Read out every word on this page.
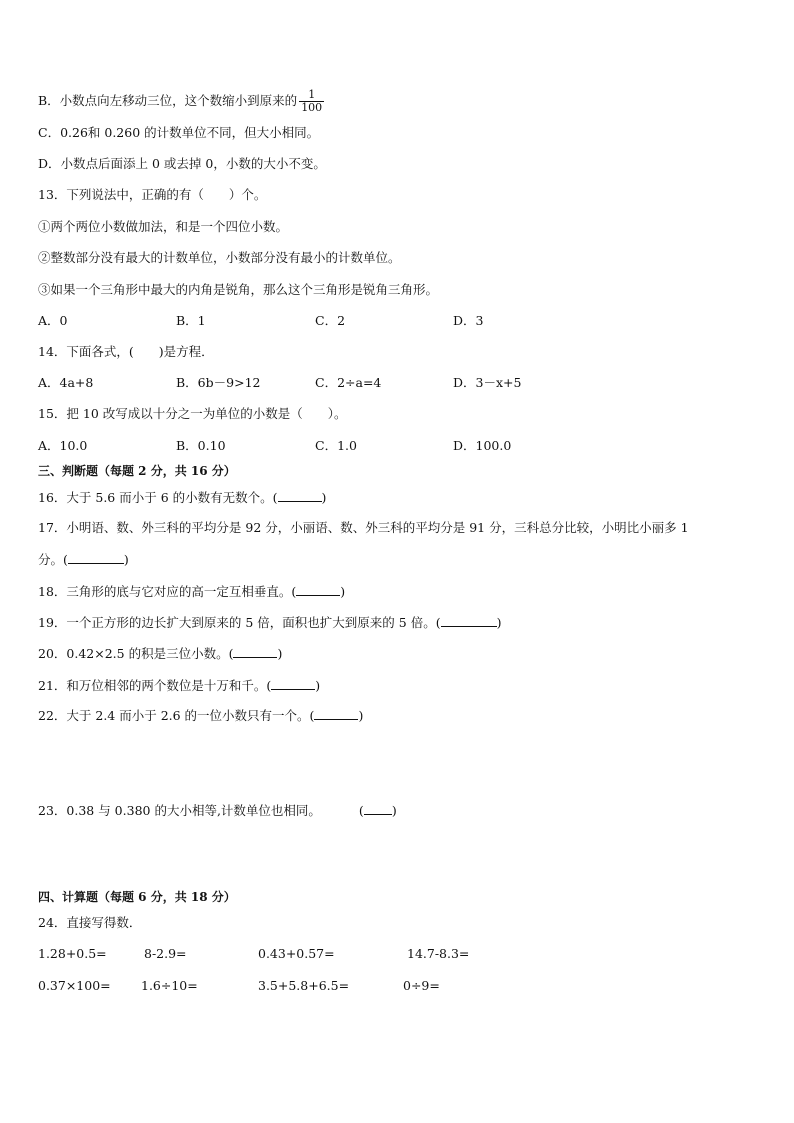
B．小数点向左移动三位，这个数缩小到原来的 $\frac{1}{100}$
C．0.26和 0.260 的计数单位不同，但大小相同。
D．小数点后面添上 0 或去掉 0，小数的大小不变。
13．下列说法中，正确的有（　　）个。
①两个两位小数做加法，和是一个四位小数。
②整数部分没有最大的计数单位，小数部分没有最小的计数单位。
③如果一个三角形中最大的内角是锐角，那么这个三角形是锐角三角形。
A．0	B．1	C．2	D．3
14．下面各式，(　　)是方程．
A．4a+8	B．6b－9>12	C．2÷a=4	D．3－x+5
15．把 10 改写成以十分之一为单位的小数是（　　）。
A．10.0	B．0.10	C．1.0	D．100.0
三、判断题（每题 2 分，共 16 分）
16．大于 5.6 而小于 6 的小数有无数个。(	)
17．小明语、数、外三科的平均分是 92 分，小丽语、数、外三科的平均分是 91 分，三科总分比较，小明比小丽多 1
分。(	)
18．三角形的底与它对应的高一定互相垂直。(	)
19．一个正方形的边长扩大到原来的 5 倍，面积也扩大到原来的 5 倍。(	)
20．0.42×2.5 的积是三位小数。(	)
21．和万位相邻的两个数位是十万和千。(	)
22．大于 2.4 而小于 2.6 的一位小数只有一个。(	)
23．0.38 与 0.380 的大小相等,计数单位也相同。	( )
四、计算题（每题 6 分，共 18 分）
24．直接写得数．
1.28+0.5=	8-2.9=	0.43+0.57=	14.7-8.3=
0.37×100= 1.6÷10=	3.5+5.8+6.5=	0÷9=
